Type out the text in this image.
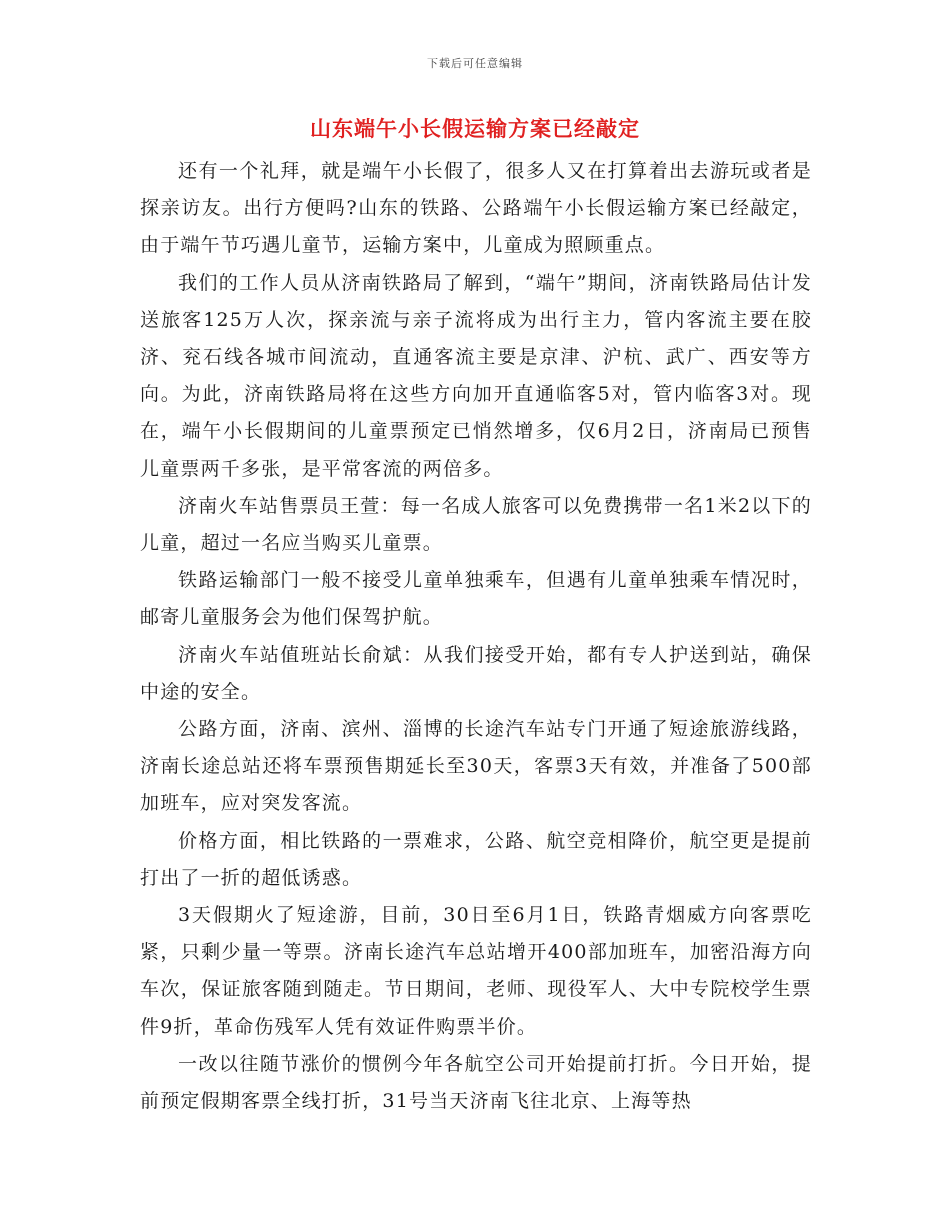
下载后可任意编辑
山东端午小长假运输方案已经敲定

还有一个礼拜，就是端午小长假了，很多人又在打算着出去游玩或者是探亲访友。出行方便吗?山东的铁路、公路端午小长假运输方案已经敲定，由于端午节巧遇儿童节，运输方案中，儿童成为照顾重点。

我们的工作人员从济南铁路局了解到，“端午”期间，济南铁路局估计发送旅客125万人次，探亲流与亲子流将成为出行主力，管内客流主要在胶济、兖石线各城市间流动，直通客流主要是京津、沪杭、武广、西安等方向。为此，济南铁路局将在这些方向加开直通临客5对，管内临客3对。现在，端午小长假期间的儿童票预定已悄然增多，仅6月2日，济南局已预售儿童票两千多张，是平常客流的两倍多。

济南火车站售票员王萱：每一名成人旅客可以免费携带一名1米2以下的儿童，超过一名应当购买儿童票。

铁路运输部门一般不接受儿童单独乘车，但遇有儿童单独乘车情况时，邮寄儿童服务会为他们保驾护航。

济南火车站值班站长俞斌：从我们接受开始，都有专人护送到站，确保中途的安全。

公路方面，济南、滨州、淄博的长途汽车站专门开通了短途旅游线路，济南长途总站还将车票预售期延长至30天，客票3天有效，并准备了500部加班车，应对突发客流。

价格方面，相比铁路的一票难求，公路、航空竞相降价，航空更是提前打出了一折的超低诱惑。

3天假期火了短途游，目前，30日至6月1日，铁路青烟威方向客票吃紧，只剩少量一等票。济南长途汽车总站增开400部加班车，加密沿海方向车次，保证旅客随到随走。节日期间，老师、现役军人、大中专院校学生票件9折，革命伤残军人凭有效证件购票半价。

一改以往随节涨价的惯例今年各航空公司开始提前打折。今日开始，提前预定假期客票全线打折，31号当天济南飞往北京、上海等热
